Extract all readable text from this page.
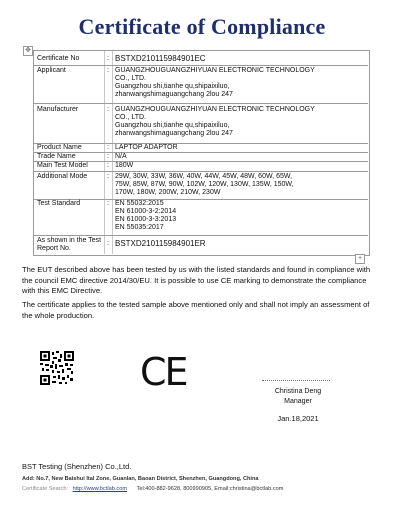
Certificate of Compliance
✥
Certificate No	: BSTXD210115984901EC
Applicant	: GUANGZHOUGUANGZHIYUAN ELECTRONIC TECHNOLOGY
CO., LTD.
Guangzhou shi,tianhe qu,shipaixiluo,
zhanwangshimaguangchang 2lou 247
Manufacturer	: GUANGZHOUGUANGZHIYUAN ELECTRONIC TECHNOLOGY
CO., LTD.
Guangzhou shi,tianhe qu,shipaixiluo,
zhanwangshimaguangchang 2lou 247
Product Name	: LAPTOP ADAPTOR
Trade Name	: N/A
Main Test Model	: 180W
Additional Mode	: 29W, 30W, 33W, 36W, 40W, 44W, 45W, 48W, 60W, 65W,
75W, 85W, 87W, 90W, 102W, 120W, 130W, 135W, 150W,
170W, 180W, 200W, 210W, 230W
Test Standard	: EN 55032:2015
EN 61000-3-2:2014
EN 61000-3-3:2013
EN 55035:2017
As shown in the Test Report No.
: BSTXD210115984901ER
+
The EUT described above has been tested by us with the listed standards and found in compliance with the council EMC directive 2014/30/EU. It is possible to use CE marking to demonstrate the compliance with this EMC Directive.
The certificate applies to the tested sample above mentioned only and shall not imply an assessment of the whole production.
CE	Christina Deng
Manager
Jan.18,2021
BST Testing (Shenzhen) Co.,Ltd.
Add: No.7, New Baishui Ital Zone, Guanlan, Baoan District, Shenzhen, Guangdong, China
Certificate Search: http://www.bctlab.com Tel:400-882-9628, 800990905, Email:christina@bctlab.com
